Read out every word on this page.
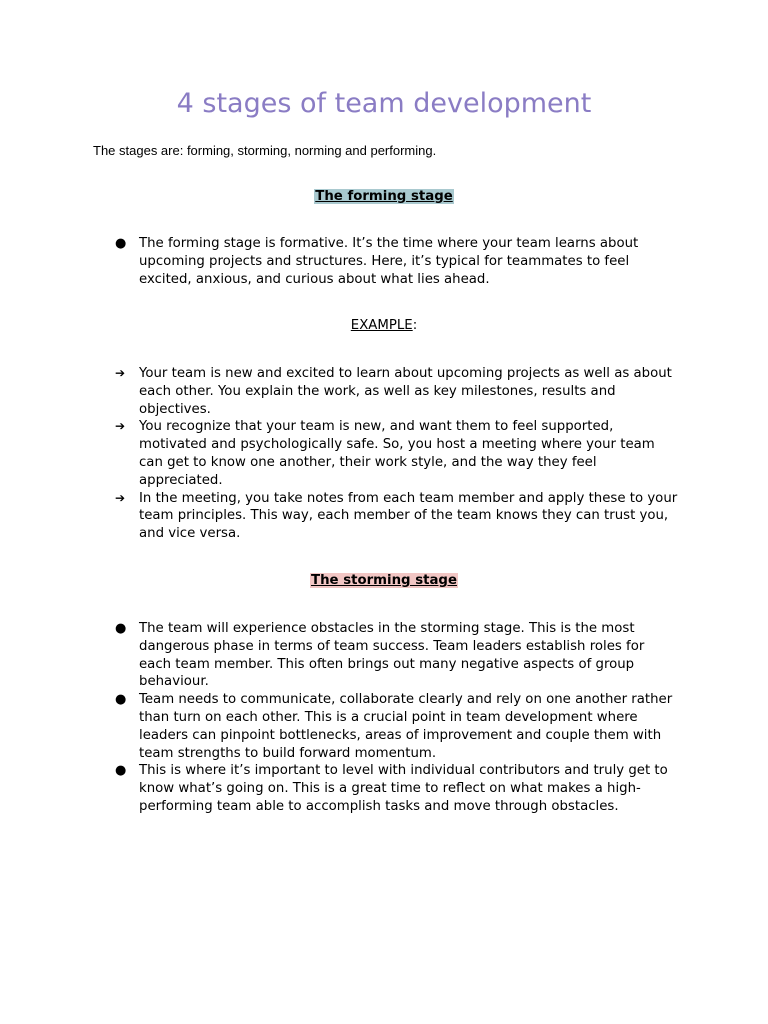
4 stages of team development

The stages are: forming, storming, norming and performing.

The forming stage
● The forming stage is formative. It’s the time where your team learns about upcoming projects and structures. Here, it’s typical for teammates to feel excited, anxious, and curious about what lies ahead.

EXAMPLE:

➔	Your team is new and excited to learn about upcoming projects as well as about each other. You explain the work, as well as key milestones, results and objectives.
➔	You recognize that your team is new, and want them to feel supported, motivated and psychologically safe. So, you host a meeting where your team can get to know one another, their work style, and the way they feel appreciated.
➔	In the meeting, you take notes from each team member and apply these to your team principles. This way, each member of the team knows they can trust you, and vice versa.
The storming stage
● The team will experience obstacles in the storming stage. This is the most dangerous phase in terms of team success. Team leaders establish roles for each team member. This often brings out many negative aspects of group behaviour.
● Team needs to communicate, collaborate clearly and rely on one another rather than turn on each other. This is a crucial point in team development where leaders can pinpoint bottlenecks, areas of improvement and couple them with team strengths to build forward momentum.
● This is where it’s important to level with individual contributors and truly get to know what’s going on. This is a great time to reflect on what makes a high-performing team able to accomplish tasks and move through obstacles.
